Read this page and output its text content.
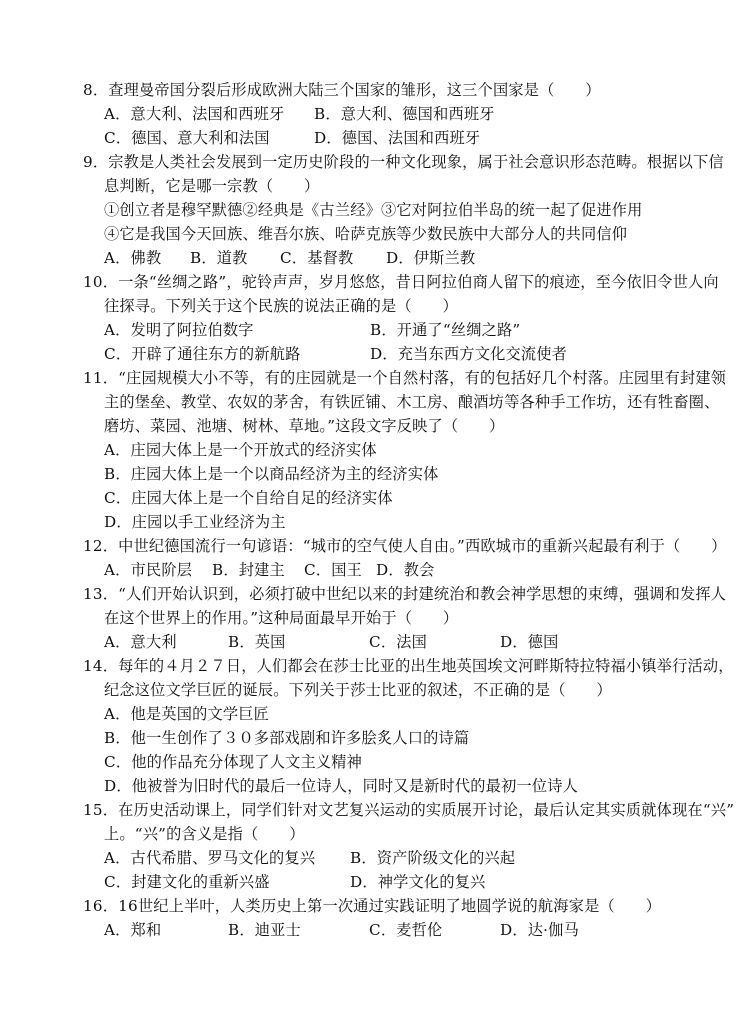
8．查理曼帝国分裂后形成欧洲大陆三个国家的雏形，这三个国家是（　　）
A．意大利、法国和西班牙 B．意大利、德国和西班牙
C．德国、意大利和法国	D．德国、法国和西班牙
9．宗教是人类社会发展到一定历史阶段的一种文化现象，属于社会意识形态范畴。根据以下信
息判断，它是哪一宗教（　　）
①创立者是穆罕默德②经典是《古兰经》③它对阿拉伯半岛的统一起了促进作用
④它是我国今天回族、维吾尔族、哈萨克族等少数民族中大部分人的共同信仰
A．佛教 B．道教 C．基督教 D．伊斯兰教
10．一条“丝绸之路”，驼铃声声，岁月悠悠，昔日阿拉伯商人留下的痕迹，至今依旧令世人向
往探寻。下列关于这个民族的说法正确的是（　　）
A．发明了阿拉伯数字	B．开通了“丝绸之路”
C．开辟了通往东方的新航路	D．充当东西方文化交流使者
11．“庄园规模大小不等，有的庄园就是一个自然村落，有的包括好几个村落。庄园里有封建领
主的堡垒、教堂、农奴的茅舍，有铁匠铺、木工房、酿酒坊等各种手工作坊，还有牲畜圈、
磨坊、菜园、池塘、树林、草地。”这段文字反映了（　　）
A．庄园大体上是一个开放式的经济实体
B．庄园大体上是一个以商品经济为主的经济实体
C．庄园大体上是一个自给自足的经济实体
D．庄园以手工业经济为主
12．中世纪德国流行一句谚语：“城市的空气使人自由。”西欧城市的重新兴起最有利于（　　）
A．市民阶层 B．封建主 C．国王 D．教会
13．“人们开始认识到，必须打破中世纪以来的封建统治和教会神学思想的束缚，强调和发挥人
在这个世界上的作用。”这种局面最早开始于（　　）
A．意大利	B．英国	C．法国	D．德国
14．每年的４月２７日，人们都会在莎士比亚的出生地英国埃文河畔斯特拉特福小镇举行活动，
纪念这位文学巨匠的诞辰。下列关于莎士比亚的叙述，不正确的是（　　）
A．他是英国的文学巨匠
B．他一生创作了３０多部戏剧和许多脍炙人口的诗篇
C．他的作品充分体现了人文主义精神
D．他被誉为旧时代的最后一位诗人，同时又是新时代的最初一位诗人
15．在历史活动课上，同学们针对文艺复兴运动的实质展开讨论，最后认定其实质就体现在“兴”
上。“兴”的含义是指（　　）
A．古代希腊、罗马文化的复兴 B．资产阶级文化的兴起
C．封建文化的重新兴盛	D．神学文化的复兴
16．16世纪上半叶，人类历史上第一次通过实践证明了地圆学说的航海家是（　　）
A．郑和	B．迪亚士	C．麦哲伦	D．达·伽马
